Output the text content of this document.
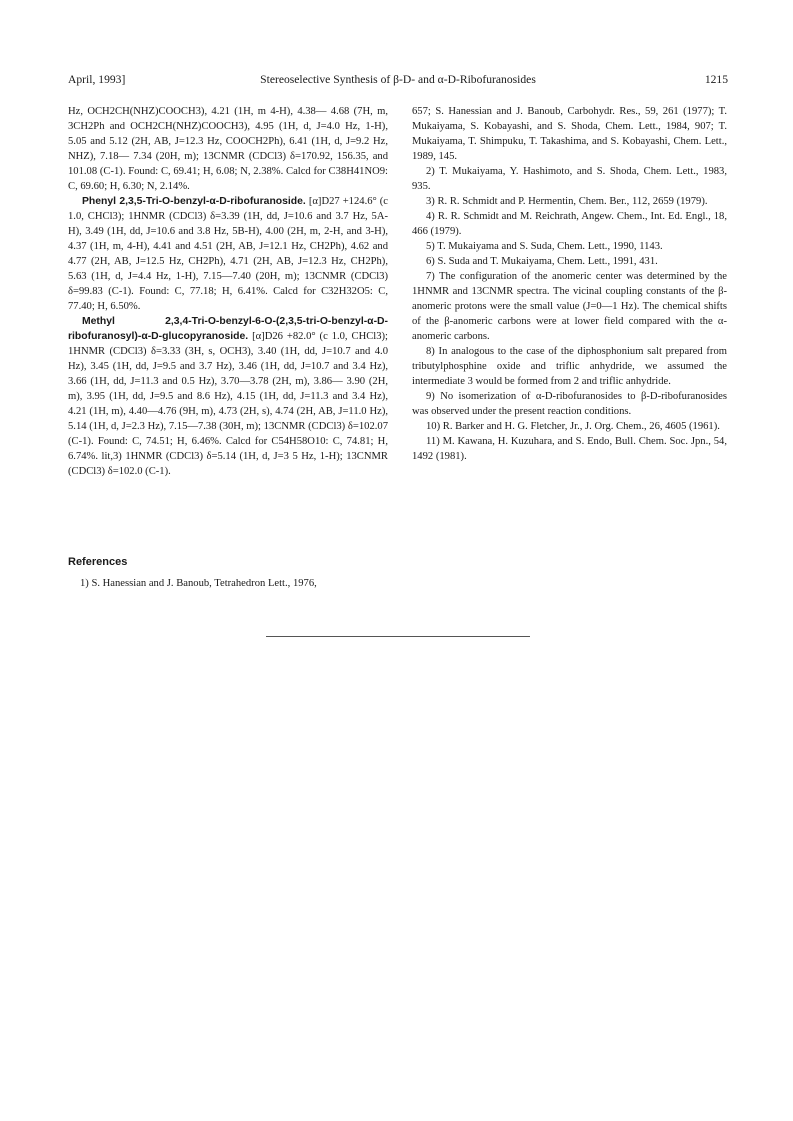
April, 1993]	Stereoselective Synthesis of β-D- and α-D-Ribofuranosides	1215

Hz, OCH2CH(NHZ)COOCH3), 4.21 (1H, m 4-H), 4.38— 4.68 (7H, m, 3CH2Ph and OCH2CH(NHZ)COOCH3), 4.95 (1H, d, J=4.0 Hz, 1-H), 5.05 and 5.12 (2H, AB, J=12.3 Hz, COOCH2Ph), 6.41 (1H, d, J=9.2 Hz, NHZ), 7.18— 7.34 (20H, m); 13CNMR (CDCl3) δ=170.92, 156.35, and 101.08 (C-1). Found: C, 69.41; H, 6.08; N, 2.38%. Calcd for C38H41NO9: C, 69.60; H, 6.30; N, 2.14%.

Phenyl 2,3,5-Tri-O-benzyl-α-D-ribofuranoside. [α]D27 +124.6° (c 1.0, CHCl3); 1HNMR (CDCl3) δ=3.39 (1H, dd, J=10.6 and 3.7 Hz, 5A-H), 3.49 (1H, dd, J=10.6 and 3.8 Hz, 5B-H), 4.00 (2H, m, 2-H, and 3-H), 4.37 (1H, m, 4-H), 4.41 and 4.51 (2H, AB, J=12.1 Hz, CH2Ph), 4.62 and 4.77 (2H, AB, J=12.5 Hz, CH2Ph), 4.71 (2H, AB, J=12.3 Hz, CH2Ph), 5.63 (1H, d, J=4.4 Hz, 1-H), 7.15—7.40 (20H, m); 13CNMR (CDCl3) δ=99.83 (C-1). Found: C, 77.18; H, 6.41%. Calcd for C32H32O5: C, 77.40; H, 6.50%.

Methyl 2,3,4-Tri-O-benzyl-6-O-(2,3,5-tri-O-benzyl-α-D-ribofuranosyl)-α-D-glucopyranoside. [α]D26 +82.0° (c 1.0, CHCl3); 1HNMR (CDCl3) δ=3.33 (3H, s, OCH3), 3.40 (1H, dd, J=10.7 and 4.0 Hz), 3.45 (1H, dd, J=9.5 and 3.7 Hz), 3.46 (1H, dd, J=10.7 and 3.4 Hz), 3.66 (1H, dd, J=11.3 and 0.5 Hz), 3.70—3.78 (2H, m), 3.86— 3.90 (2H, m), 3.95 (1H, dd, J=9.5 and 8.6 Hz), 4.15 (1H, dd, J=11.3 and 3.4 Hz), 4.21 (1H, m), 4.40—4.76 (9H, m), 4.73 (2H, s), 4.74 (2H, AB, J=11.0 Hz), 5.14 (1H, d, J=2.3 Hz), 7.15—7.38 (30H, m); 13CNMR (CDCl3) δ=102.07 (C-1). Found: C, 74.51; H, 6.46%. Calcd for C54H58O10: C, 74.81; H, 6.74%. lit,3) 1HNMR (CDCl3) δ=5.14 (1H, d, J=3 5 Hz, 1-H); 13CNMR (CDCl3) δ=102.0 (C-1).

References

1) S. Hanessian and J. Banoub, Tetrahedron Lett., 1976,

657; S. Hanessian and J. Banoub, Carbohydr. Res., 59, 261 (1977); T. Mukaiyama, S. Kobayashi, and S. Shoda, Chem. Lett., 1984, 907; T. Mukaiyama, T. Shimpuku, T. Takashima, and S. Kobayashi, Chem. Lett., 1989, 145.

2) T. Mukaiyama, Y. Hashimoto, and S. Shoda, Chem. Lett., 1983, 935.

3) R. R. Schmidt and P. Hermentin, Chem. Ber., 112, 2659 (1979).

4) R. R. Schmidt and M. Reichrath, Angew. Chem., Int. Ed. Engl., 18, 466 (1979).

5) T. Mukaiyama and S. Suda, Chem. Lett., 1990, 1143.

6) S. Suda and T. Mukaiyama, Chem. Lett., 1991, 431.

7) The configuration of the anomeric center was determined by the 1HNMR and 13CNMR spectra. The vicinal coupling constants of the β-anomeric protons were the small value (J=0—1 Hz). The chemical shifts of the β-anomeric carbons were at lower field compared with the α-anomeric carbons.

8) In analogous to the case of the diphosphonium salt prepared from tributylphosphine oxide and triflic anhydride, we assumed the intermediate 3 would be formed from 2 and triflic anhydride.

9) No isomerization of α-D-ribofuranosides to β-D-ribofuranosides was observed under the present reaction conditions.

10) R. Barker and H. G. Fletcher, Jr., J. Org. Chem., 26, 4605 (1961).

11) M. Kawana, H. Kuzuhara, and S. Endo, Bull. Chem. Soc. Jpn., 54, 1492 (1981).
